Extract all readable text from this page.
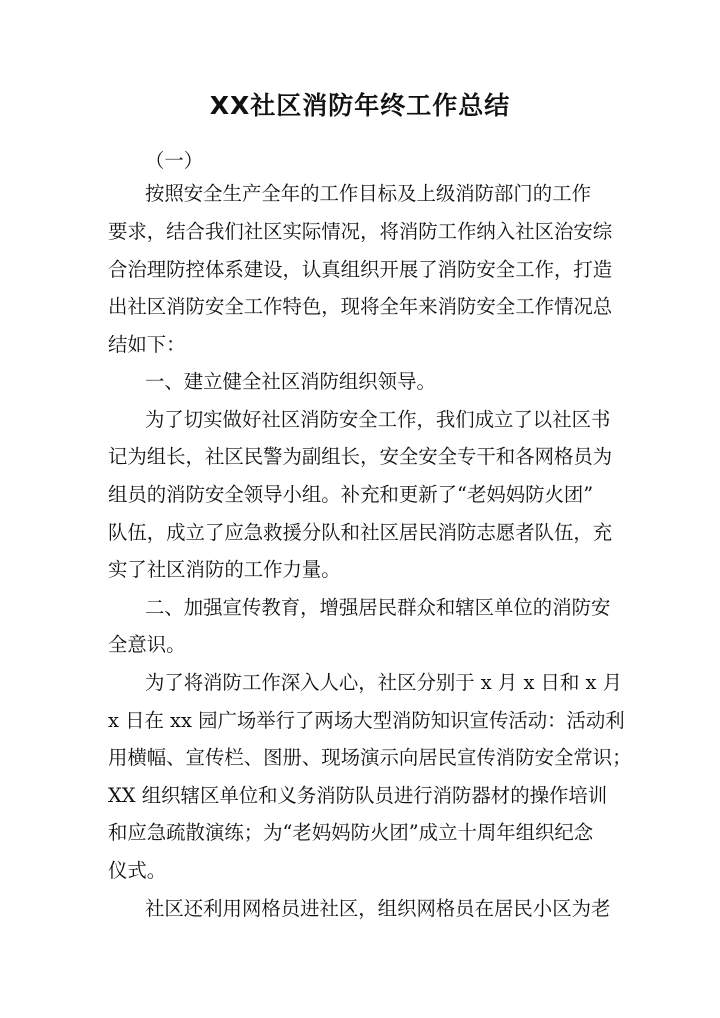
XX社区消防年终工作总结
（一）
按照安全生产全年的工作目标及上级消防部门的工作
要求，结合我们社区实际情况，将消防工作纳入社区治安综
合治理防控体系建设，认真组织开展了消防安全工作，打造
出社区消防安全工作特色，现将全年来消防安全工作情况总
结如下：
一、建立健全社区消防组织领导。
为了切实做好社区消防安全工作，我们成立了以社区书
记为组长，社区民警为副组长，安全安全专干和各网格员为
组员的消防安全领导小组。补充和更新了“老妈妈防火团”
队伍，成立了应急救援分队和社区居民消防志愿者队伍，充
实了社区消防的工作力量。
二、加强宣传教育，增强居民群众和辖区单位的消防安
全意识。
为了将消防工作深入人心，社区分别于 x 月 x 日和 x 月
x 日在 xx 园广场举行了两场大型消防知识宣传活动：活动利
用横幅、宣传栏、图册、现场演示向居民宣传消防安全常识；
XX 组织辖区单位和义务消防队员进行消防器材的操作培训
和应急疏散演练；为“老妈妈防火团”成立十周年组织纪念
仪式。
社区还利用网格员进社区，组织网格员在居民小区为老
